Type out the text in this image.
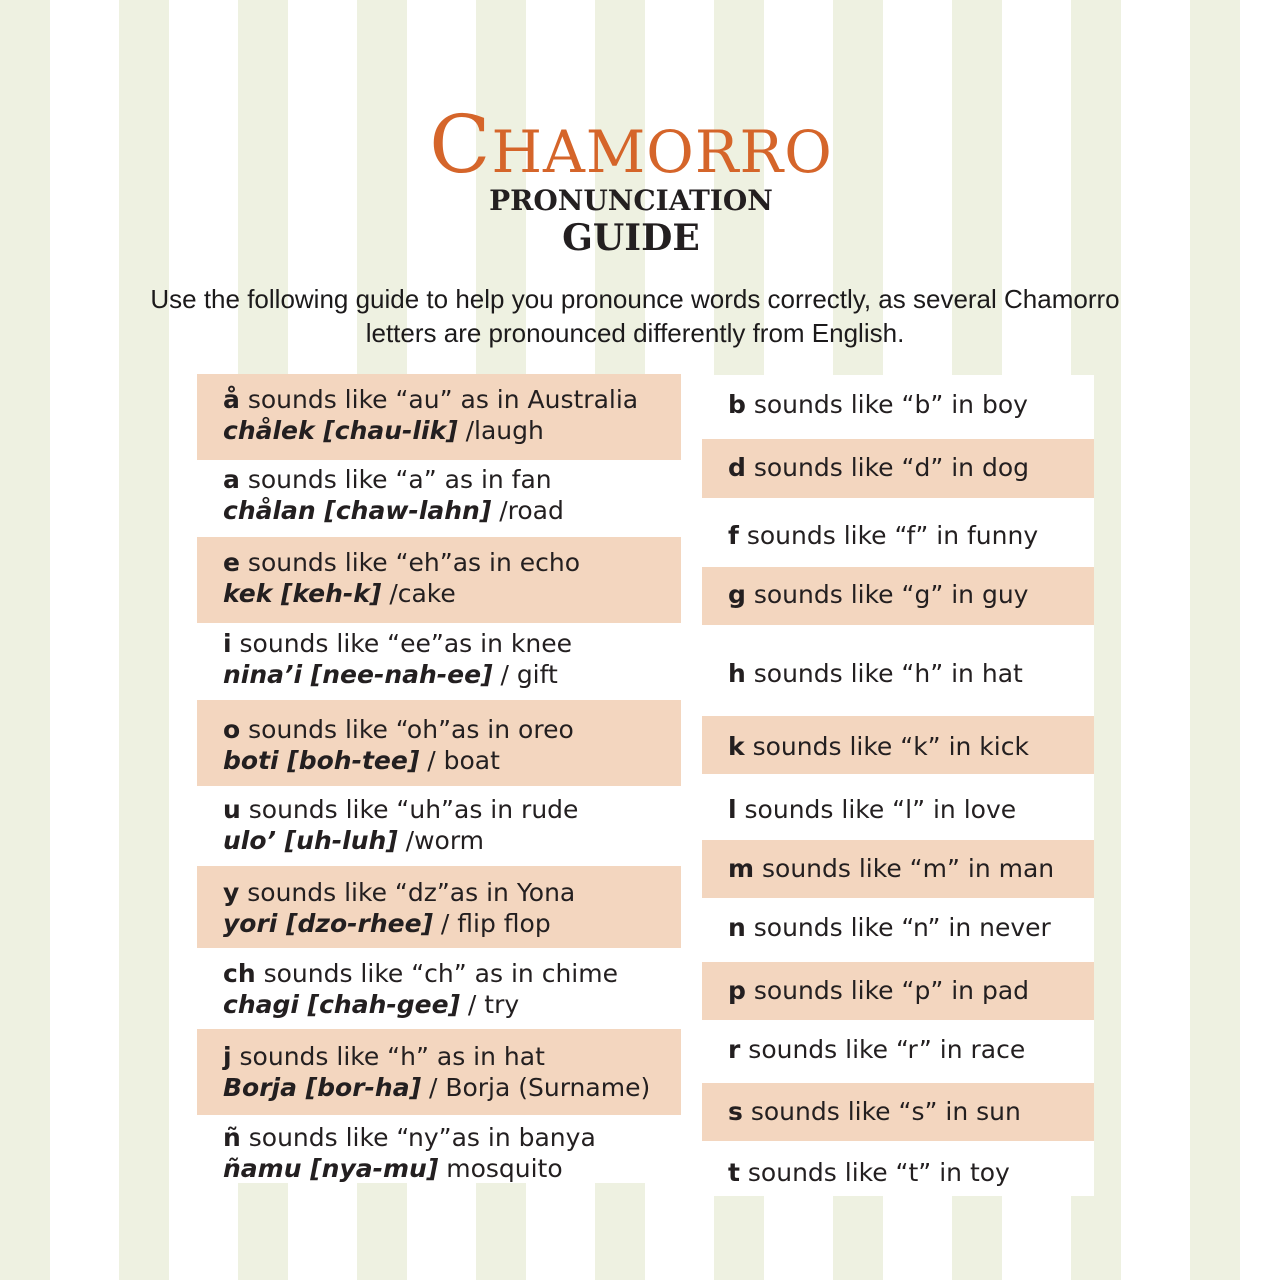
CHAMORRO
PRONUNCIATION
GUIDE
Use the following guide to help you pronounce words correctly, as several Chamorro letters are pronounced differently from English.
å sounds like “au” as in Australia
chålek [chau-lik] /laugh
a sounds like “a” as in fan
chålan [chaw-lahn] /road
e sounds like “eh”as in echo
kek [keh-k] /cake
i sounds like “ee”as in knee
nina’i [nee-nah-ee] / gift
o sounds like “oh”as in oreo
boti [boh-tee] / boat
u sounds like “uh”as in rude
ulo’ [uh-luh] /worm
y sounds like “dz”as in Yona
yori [dzo-rhee] / flip flop
ch sounds like “ch” as in chime
chagi [chah-gee] / try
j sounds like “h” as in hat
Borja [bor-ha] / Borja (Surname)
ñ sounds like “ny”as in banya
ñamu [nya-mu] mosquito
b sounds like “b” in boy
d sounds like “d” in dog
f sounds like “f” in funny
g sounds like “g” in guy
h sounds like “h” in hat
k sounds like “k” in kick
l sounds like “l” in love
m sounds like “m” in man
n sounds like “n” in never
p sounds like “p” in pad
r sounds like “r” in race
s sounds like “s” in sun
t sounds like “t” in toy
